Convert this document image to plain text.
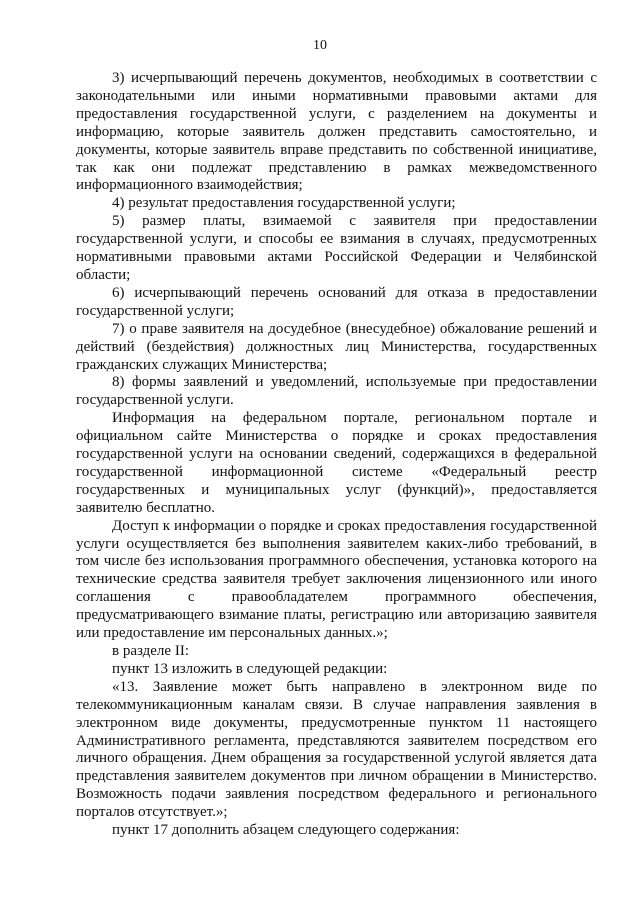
10

3) исчерпывающий перечень документов, необходимых в соответствии с законодательными или иными нормативными правовыми актами для предоставления государственной услуги, с разделением на документы и информацию, которые заявитель должен представить самостоятельно, и документы, которые заявитель вправе представить по собственной инициативе, так как они подлежат представлению в рамках межведомственного информационного взаимодействия;

4) результат предоставления государственной услуги;

5) размер платы, взимаемой с заявителя при предоставлении государственной услуги, и способы ее взимания в случаях, предусмотренных нормативными правовыми актами Российской Федерации и Челябинской области;

6) исчерпывающий перечень оснований для отказа в предоставлении государственной услуги;

7) о праве заявителя на досудебное (внесудебное) обжалование решений и действий (бездействия) должностных лиц Министерства, государственных гражданских служащих Министерства;

8) формы заявлений и уведомлений, используемые при предоставлении государственной услуги.

Информация на федеральном портале, региональном портале и официальном сайте Министерства о порядке и сроках предоставления государственной услуги на основании сведений, содержащихся в федеральной государственной информационной системе «Федеральный реестр государственных и муниципальных услуг (функций)», предоставляется заявителю бесплатно.

Доступ к информации о порядке и сроках предоставления государственной услуги осуществляется без выполнения заявителем каких-либо требований, в том числе без использования программного обеспечения, установка которого на технические средства заявителя требует заключения лицензионного или иного соглашения с правообладателем программного обеспечения, предусматривающего взимание платы, регистрацию или авторизацию заявителя или предоставление им персональных данных.»;

в разделе II:

пункт 13 изложить в следующей редакции:

«13. Заявление может быть направлено в электронном виде по телекоммуникационным каналам связи. В случае направления заявления в электронном виде документы, предусмотренные пунктом 11 настоящего Административного регламента, представляются заявителем посредством его личного обращения. Днем обращения за государственной услугой является дата представления заявителем документов при личном обращении в Министерство. Возможность подачи заявления посредством федерального и регионального порталов отсутствует.»;

пункт 17 дополнить абзацем следующего содержания:
